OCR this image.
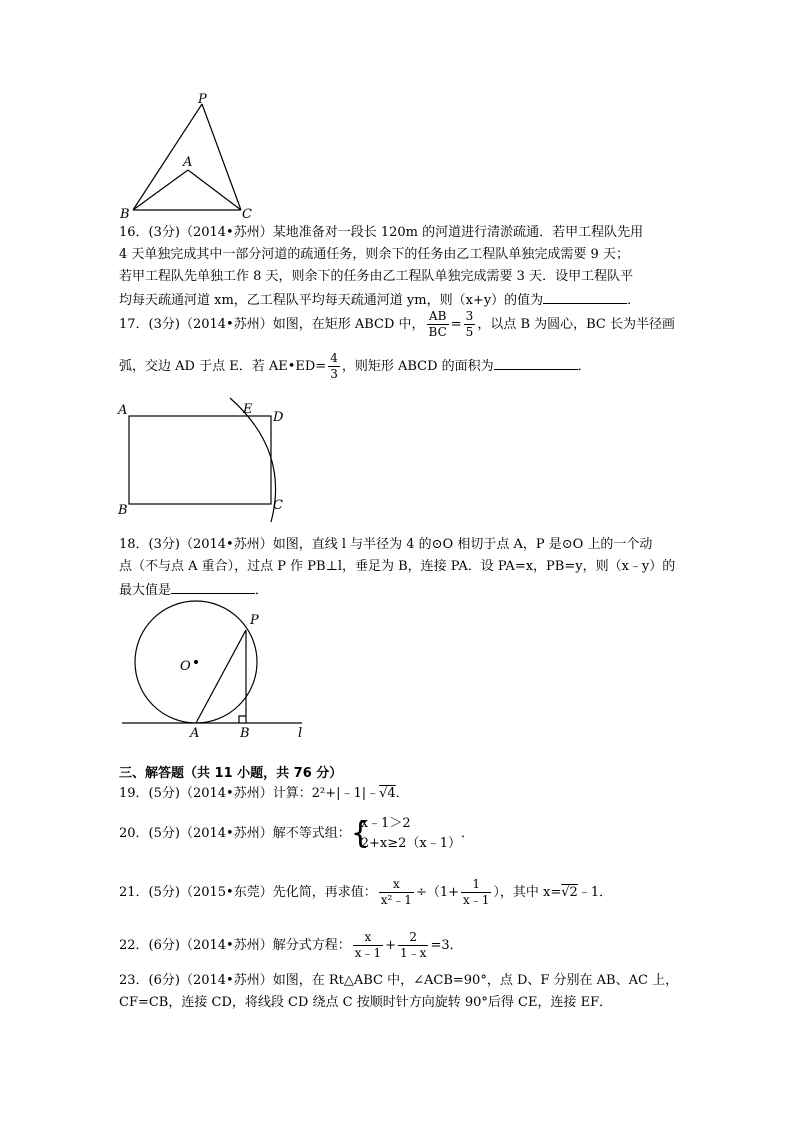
P
A
B	C
16．(3分)（2014•苏州）某地准备对一段长 120m 的河道进行清淤疏通．若甲工程队先用
4 天单独完成其中一部分河道的疏通任务，则余下的任务由乙工程队单独完成需要 9 天；
若甲工程队先单独工作 8 天，则余下的任务由乙工程队单独完成需要 3 天．设甲工程队平
均每天疏通河道 xm，乙工程队平均每天疏通河道 ym，则（x+y）的值为	．
17．(3分)（2014•苏州）如图，在矩形 ABCD 中， $\frac{AB}{BC} = \frac{3}{5}$ ，以点 B 为圆心，BC 长为半径画
弧，交边 AD 于点 E．若 AE•ED= $\frac{4}{3}$ ，则矩形 ABCD 的面积为	．
A	E
D
B	C
18．(3分)（2014•苏州）如图，直线 l 与半径为 4 的⊙O 相切于点 A，P 是⊙O 上的一个动
点（不与点 A 重合），过点 P 作 PB⊥l，垂足为 B，连接 PA．设 PA=x，PB=y，则（x﹣y）的
最大值是	．
P
O
A	B	l
三、解答题（共 11 小题，共 76 分）
19．(5分)（2014•苏州）计算：2²+|﹣1|﹣√4．
20．(5分)（2014•苏州）解不等式组： {
x﹣1＞2
2+x≥2（x﹣1）
．
21．(5分)（2015•东莞）先化简，再求值： $\frac{x}{\text{x²﹣1}} \div(1+ \frac{1}{x﹣1}$ ），其中 x=√2﹣1．
22．(6分)（2014•苏州）解分式方程： $\frac{x}{x﹣1} + \frac{2}{1﹣x} =3$．
23．(6分)（2014•苏州）如图，在 Rt△ABC 中，∠ACB=90°，点 D、F 分别在 AB、AC 上，
CF=CB，连接 CD，将线段 CD 绕点 C 按顺时针方向旋转 90°后得 CE，连接 EF．
